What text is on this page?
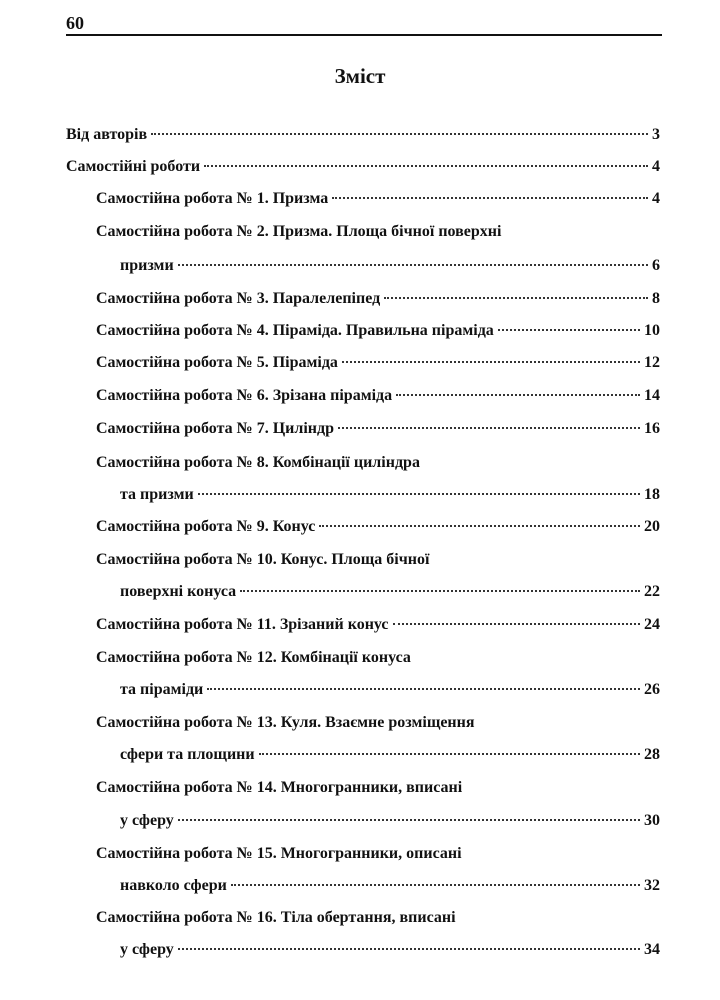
60
Зміст
Від авторів	3
Самостійні роботи	4
Самостійна робота № 1. Призма	4
Самостійна робота № 2. Призма. Площа бічної поверхні
призми	6
Самостійна робота № 3. Паралелепіпед	8
Самостійна робота № 4. Піраміда. Правильна піраміда	10
Самостійна робота № 5. Піраміда	12
Самостійна робота № 6. Зрізана піраміда	14
Самостійна робота № 7. Циліндр	16
Самостійна робота № 8. Комбінації циліндра
та призми	18
Самостійна робота № 9. Конус	20
Самостійна робота № 10. Конус. Площа бічної
поверхні конуса	22
Самостійна робота № 11. Зрізаний конус	24
Самостійна робота № 12. Комбінації конуса
та піраміди	26
Самостійна робота № 13. Куля. Взаємне розміщення
сфери та площини	28
Самостійна робота № 14. Многогранники, вписані
у сферу	30
Самостійна робота № 15. Многогранники, описані
навколо сфери	32
Самостійна робота № 16. Тіла обертання, вписані
у сферу	34
